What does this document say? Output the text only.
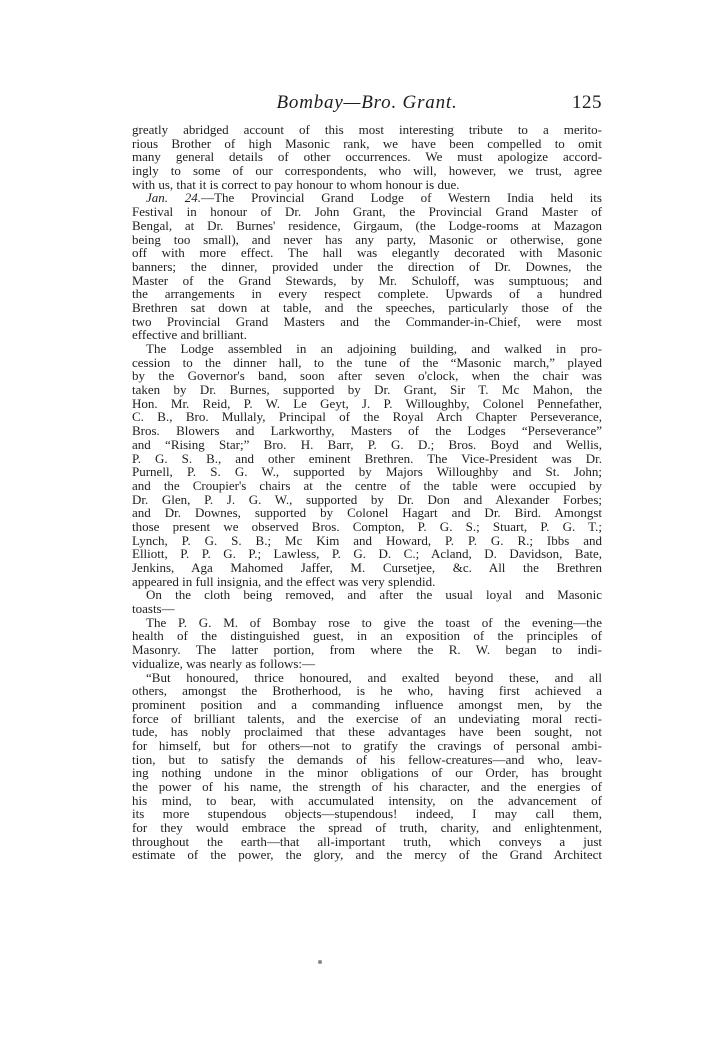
Bombay—Bro. Grant.	125
greatly abridged account of this most interesting tribute to a merito-
rious Brother of high Masonic rank, we have been compelled to omit
many general details of other occurrences. We must apologize accord-
ingly to some of our correspondents, who will, however, we trust, agree
with us, that it is correct to pay honour to whom honour is due.
Jan. 24.—The Provincial Grand Lodge of Western India held its
Festival in honour of Dr. John Grant, the Provincial Grand Master of
Bengal, at Dr. Burnes' residence, Girgaum, (the Lodge-rooms at Mazagon
being too small), and never has any party, Masonic or otherwise, gone
off with more effect. The hall was elegantly decorated with Masonic
banners; the dinner, provided under the direction of Dr. Downes, the
Master of the Grand Stewards, by Mr. Schuloff, was sumptuous; and
the arrangements in every respect complete. Upwards of a hundred
Brethren sat down at table, and the speeches, particularly those of the
two Provincial Grand Masters and the Commander-in-Chief, were most
effective and brilliant.
The Lodge assembled in an adjoining building, and walked in pro-
cession to the dinner hall, to the tune of the “Masonic march,” played
by the Governor's band, soon after seven o'clock, when the chair was
taken by Dr. Burnes, supported by Dr. Grant, Sir T. Mc Mahon, the
Hon. Mr. Reid, P. W. Le Geyt, J. P. Willoughby, Colonel Pennefather,
C. B., Bro. Mullaly, Principal of the Royal Arch Chapter Perseverance,
Bros. Blowers and Larkworthy, Masters of the Lodges “Perseverance”
and “Rising Star;” Bro. H. Barr, P. G. D.; Bros. Boyd and Wellis,
P. G. S. B., and other eminent Brethren. The Vice-President was Dr.
Purnell, P. S. G. W., supported by Majors Willoughby and St. John;
and the Croupier's chairs at the centre of the table were occupied by
Dr. Glen, P. J. G. W., supported by Dr. Don and Alexander Forbes;
and Dr. Downes, supported by Colonel Hagart and Dr. Bird. Amongst
those present we observed Bros. Compton, P. G. S.; Stuart, P. G. T.;
Lynch, P. G. S. B.; Mc Kim and Howard, P. P. G. R.; Ibbs and
Elliott, P. P. G. P.; Lawless, P. G. D. C.; Acland, D. Davidson, Bate,
Jenkins, Aga Mahomed Jaffer, M. Cursetjee, &c. All the Brethren
appeared in full insignia, and the effect was very splendid.
On the cloth being removed, and after the usual loyal and Masonic
toasts—
The P. G. M. of Bombay rose to give the toast of the evening—the
health of the distinguished guest, in an exposition of the principles of
Masonry. The latter portion, from where the R. W. began to indi-
vidualize, was nearly as follows:—
“But honoured, thrice honoured, and exalted beyond these, and all
others, amongst the Brotherhood, is he who, having first achieved a
prominent position and a commanding influence amongst men, by the
force of brilliant talents, and the exercise of an undeviating moral recti-
tude, has nobly proclaimed that these advantages have been sought, not
for himself, but for others—not to gratify the cravings of personal ambi-
tion, but to satisfy the demands of his fellow-creatures—and who, leav-
ing nothing undone in the minor obligations of our Order, has brought
the power of his name, the strength of his character, and the energies of
his mind, to bear, with accumulated intensity, on the advancement of
its more stupendous objects—stupendous! indeed, I may call them,
for they would embrace the spread of truth, charity, and enlightenment,
throughout the earth—that all-important truth, which conveys a just
estimate of the power, the glory, and the mercy of the Grand Architect
